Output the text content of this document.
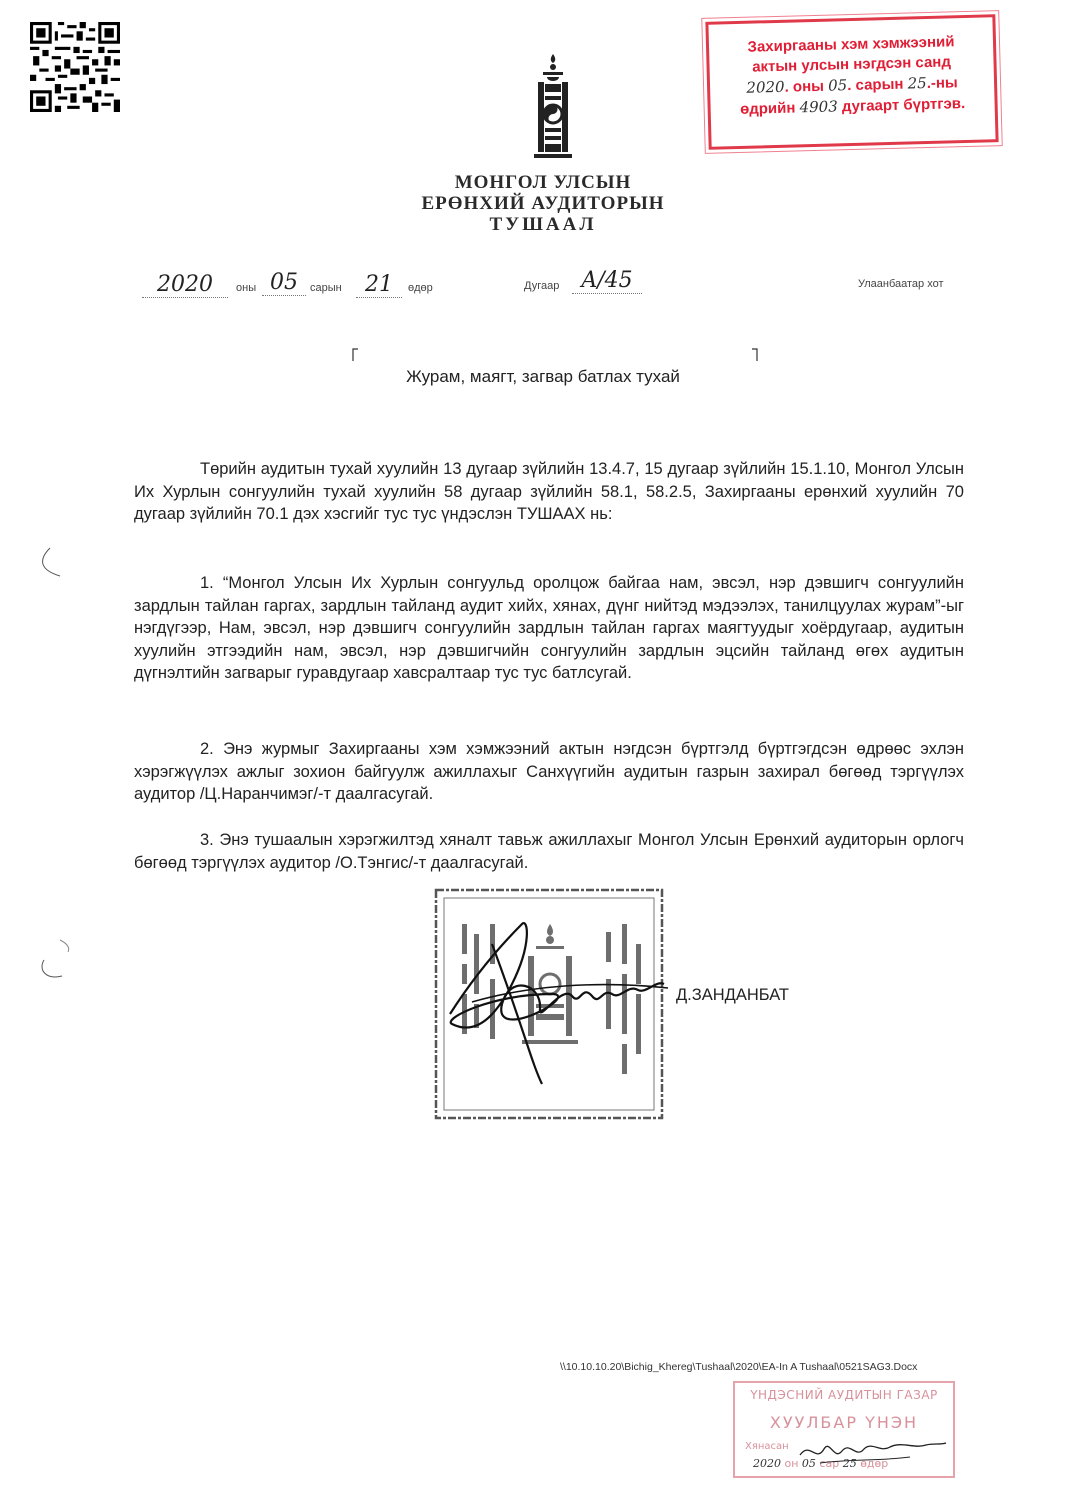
МОНГОЛ УЛСЫН
ЕРӨНХИЙ АУДИТОРЫН
ТУШААЛ
Захиргааны хэм хэмжээний
актын улсын нэгдсэн санд
2020. оны 05. сарын 25.-ны
өдрийн 4903 дугаарт бүртгэв.
2020	оны 05	сарын	21	өдөр	Дугаар	A/45	Улаанбаатар хот
Журам, маягт, загвар батлах тухай
Төрийн аудитын тухай хуулийн 13 дугаар зүйлийн 13.4.7, 15 дугаар зүйлийн 15.1.10, Монгол Улсын Их Хурлын сонгуулийн тухай хуулийн 58 дугаар зүйлийн 58.1, 58.2.5, Захиргааны ерөнхий хуулийн 70 дугаар зүйлийн 70.1 дэх хэсгийг тус тус үндэслэн ТУШААХ нь:
1. “Монгол Улсын Их Хурлын сонгуульд оролцож байгаа нам, эвсэл, нэр дэвшигч сонгуулийн зардлын тайлан гаргах, зардлын тайланд аудит хийх, хянах, дүнг нийтэд мэдээлэх, танилцуулах журам”-ыг нэгдүгээр, Нам, эвсэл, нэр дэвшигч сонгуулийн зардлын тайлан гаргах маягтуудыг хоёрдугаар, аудитын хуулийн этгээдийн нам, эвсэл, нэр дэвшигчийн сонгуулийн зардлын эцсийн тайланд өгөх аудитын дүгнэлтийн загварыг гуравдугаар хавсралтаар тус тус батлсугай.
2. Энэ журмыг Захиргааны хэм хэмжээний актын нэгдсэн бүртгэлд бүртгэгдсэн өдрөөс эхлэн хэрэгжүүлэх ажлыг зохион байгуулж ажиллахыг Санхүүгийн аудитын газрын захирал бөгөөд тэргүүлэх аудитор /Ц.Наранчимэг/-т даалгасугай.
3. Энэ тушаалын хэрэгжилтэд хяналт тавьж ажиллахыг Монгол Улсын Ерөнхий аудиторын орлогч бөгөөд тэргүүлэх аудитор /О.Тэнгис/-т даалгасугай.
Д.ЗАНДАНБАТ
\\10.10.10.20\Bichig_Khereg\Tushaal\2020\EA-In A Tushaal\0521SAG3.Docx
ҮНДЭСНИЙ АУДИТЫН ГАЗАР
ХУУЛБАР ҮНЭН
Хянасан
2020 он 05 сар 25 өдөр
